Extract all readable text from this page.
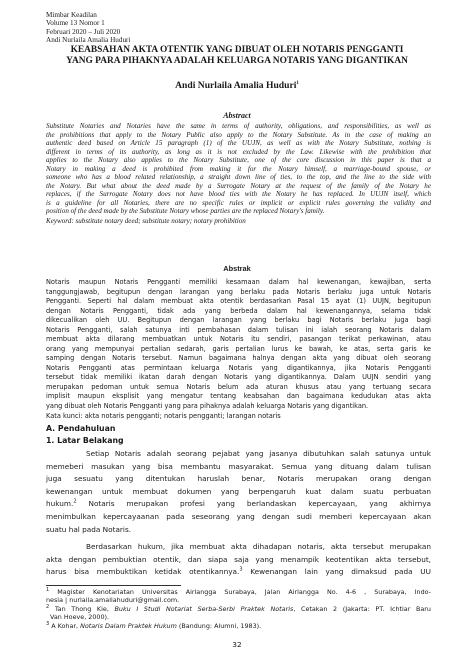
Mimbar Keadilan
Volume 13 Nomor 1
Februari 2020 – Juli 2020
Andi Nurlaila Amalia Huduri
KEABSAHAN AKTA OTENTIK YANG DIBUAT OLEH NOTARIS PENGGANTI
YANG PARA PIHAKNYA ADALAH KELUARGA NOTARIS YANG DIGANTIKAN
Andi Nurlaila Amalia Huduri$^1$
Abstract
Substitute Notaries and Notaries have the same in terms of authority, obligations, and responsibilities, as well as
the prohibitions that apply to the Notary Public also apply to the Notary Substitute. As in the case of making an
authentic deed based on Article 15 paragraph (1) of the UUJN, as well as with the Notary Substitute, nothing is
different in terms of its authority, as long as it is not excluded by the Law. Likewise with the prohibition that
applies to the Notary also applies to the Notary Substitute, one of the core discussion in this paper is that a
Notary in making a deed is prohibited from making it for the Notary himself, a marriage-bound spouse, or
someone who has a blood related relationship, a straight down line of ties, to the top, and the line to the side with
the Notary. But what about the deed made by a Surrogate Notary at the request of the family of the Notary he
replaces, if the Surrogate Notary does not have blood ties with the Notary he has replaced. In UUJN itself, which
is a guideline for all Notaries, there are no specific rules or implicit or explicit rules governing the validity and
position of the deed made by the Substitute Notary whose parties are the replaced Notary's family.
Keyword: substitute notary deed; substitute notary; notary prohibition
Abstrak
Notaris maupun Notaris Pengganti memiliki kesamaan dalam hal kewenangan, kewajiban, serta
tanggungjawab, begitupun dengan larangan yang berlaku pada Notaris berlaku juga untuk Notaris
Pengganti. Seperti hal dalam membuat akta otentik berdasarkan Pasal 15 ayat (1) UUJN, begitupun
dengan Notaris Pengganti, tidak ada yang berbeda dalam hal kewenangannya, selama tidak
dikecualikan oleh UU. Begitupun dengan larangan yang berlaku bagi Notaris berlaku juga bagi
Notaris Pengganti, salah satunya inti pembahasan dalam tulisan ini ialah seorang Notaris dalam
membuat akta dilarang membuatkan untuk Notaris itu sendiri, pasangan terikat perkawinan, atau
orang yang mempunyai pertalian sedarah, garis pertalian lurus ke bawah, ke atas, serta garis ke
samping dengan Notaris tersebut. Namun bagaimana halnya dengan akta yang dibuat oleh seorang
Notaris Pengganti atas permintaan keluarga Notaris yang digantikannya, jika Notaris Pengganti
tersebut tidak memiliki ikatan darah dengan Notaris yang digantikannya. Dalam UUJN sendiri yang
merupakan pedoman untuk semua Notaris belum ada aturan khusus atau yang tertuang secara
implisit maupun eksplisit yang mengatur tentang keabsahan dan bagaimana kedudukan atas akta
yang dibuat oleh Notaris Pengganti yang para pihaknya adalah keluarga Notaris yang digantikan.
Kata kunci: akta notaris pengganti; notaris pengganti; larangan notaris
A. Pendahuluan
1. Latar Belakang
Setiap Notaris adalah seorang pejabat yang jasanya dibutuhkan salah satunya untuk
memeberi masukan yang bisa membantu masyarakat. Semua yang dituang dalam tulisan
juga sesuatu yang ditentukan haruslah benar, Notaris merupakan orang dengan
kewenangan untuk membuat dokumen yang berpengaruh kuat dalam suatu perbuatan
hukum.$^2$ Notaris merupakan profesi yang berlandaskan kepercayaan, yang akhirnya
menimbulkan kepercayaanan pada seseorang yang dengan sudi memberi kepercayaan akan
suatu hal pada Notaris.
Berdasarkan hukum, jika membuat akta dihadapan notaris, akta tersebut merupakan
akta dengan pembuktian otentik, dan siapa saja yang menampik keotentikan akta tersebut,
harus bisa membuktikan ketidak otentikannya.$^3$ Kewenangan lain yang dimaksud pada UU
$^1$ Magister Kenotariatan Universitas Airlangga Surabaya, Jalan Airlangga No. 4-6 , Surabaya, Indo-
nesia | nurlaila.amaliahuduri@gmail.com.
$^2$ Tan Thong Kie, Buku I Studi Notariat Serba-Serbi Praktek Notaris, Cetakan 2 (Jakarta: PT. Ichtiar Baru
Van Hoeve, 2000).
$^3$ A Kohar, Notaris Dalam Praktek Hukum (Bandung: Alumni, 1983).
32
